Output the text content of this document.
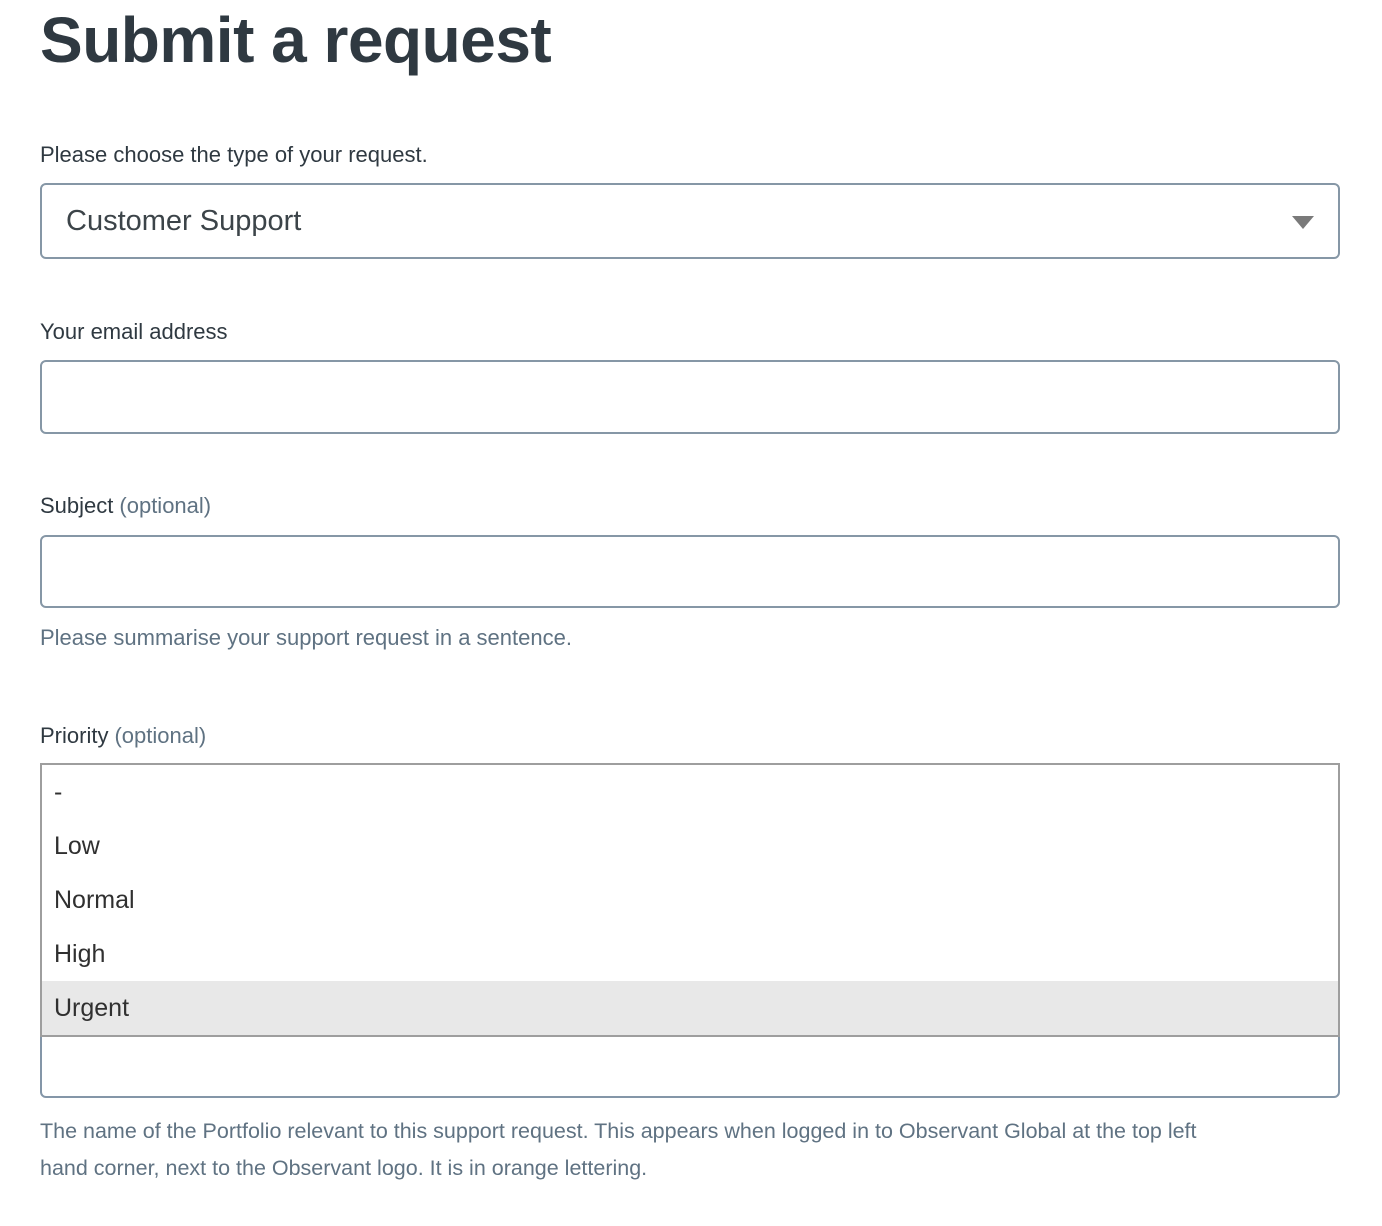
Submit a request
Please choose the type of your request.
Customer Support
Your email address
Subject (optional)
Please summarise your support request in a sentence.
Priority (optional)
-
Low
Normal
High
Urgent
The name of the Portfolio relevant to this support request. This appears when logged in to Observant Global at the top left
hand corner, next to the Observant logo. It is in orange lettering.
